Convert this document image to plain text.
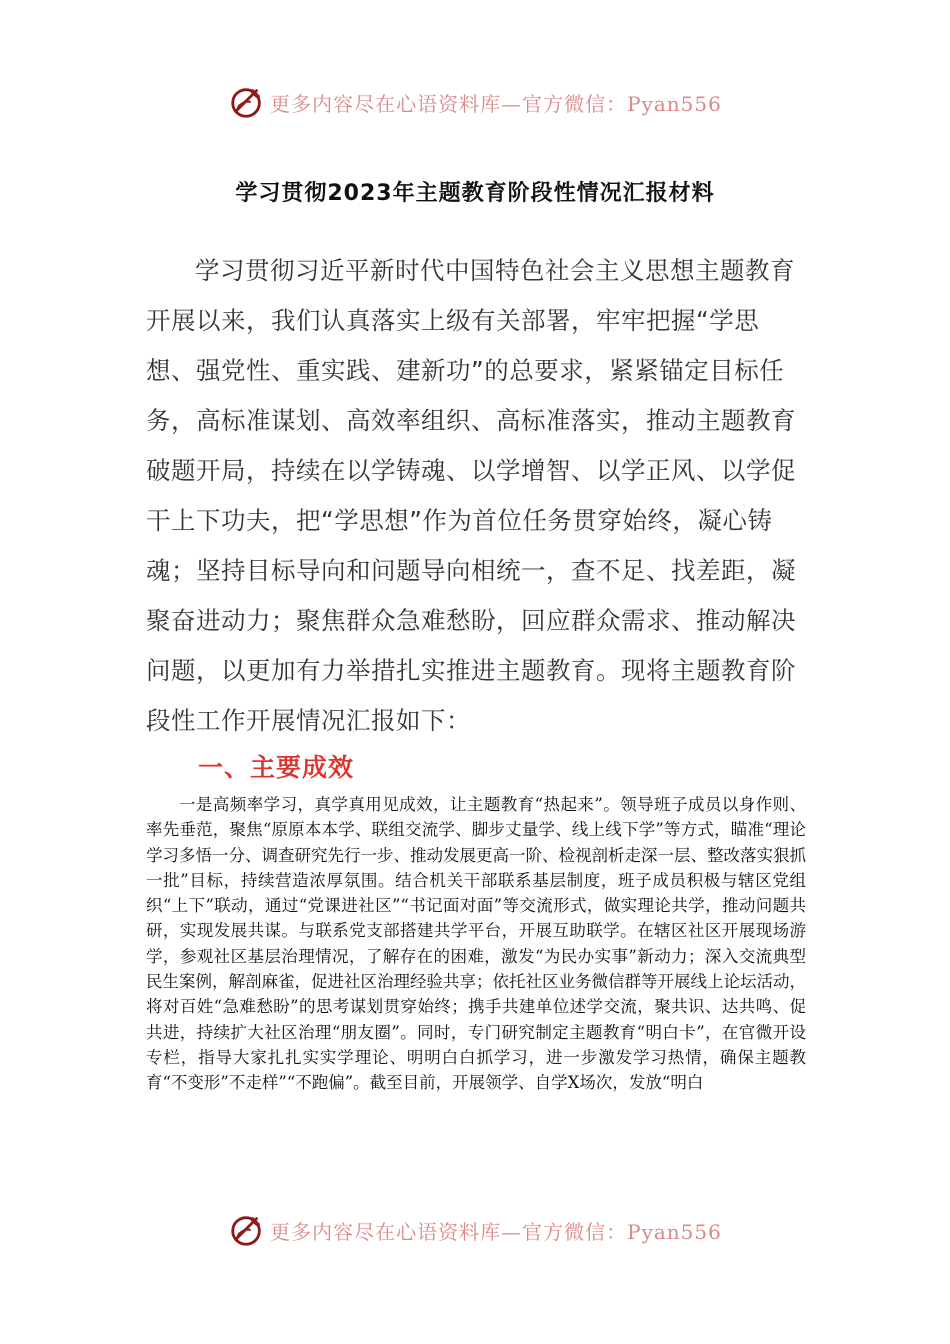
更多内容尽在心语资料库—官方微信：Pyan556
学习贯彻2023年主题教育阶段性情况汇报材料

学习贯彻习近平新时代中国特色社会主义思想主题教育开展以来，我们认真落实上级有关部署，牢牢把握“学思想、强党性、重实践、建新功”的总要求，紧紧锚定目标任务，高标准谋划、高效率组织、高标准落实，推动主题教育破题开局，持续在以学铸魂、以学增智、以学正风、以学促干上下功夫，把“学思想”作为首位任务贯穿始终，凝心铸魂；坚持目标导向和问题导向相统一，查不足、找差距，凝聚奋进动力；聚焦群众急难愁盼，回应群众需求、推动解决问题，以更加有力举措扎实推进主题教育。现将主题教育阶段性工作开展情况汇报如下：

一、主要成效

一是高频率学习，真学真用见成效，让主题教育“热起来”。领导班子成员以身作则、率先垂范，聚焦“原原本本学、联组交流学、脚步丈量学、线上线下学”等方式，瞄准“理论学习多悟一分、调查研究先行一步、推动发展更高一阶、检视剖析走深一层、整改落实狠抓一批”目标，持续营造浓厚氛围。结合机关干部联系基层制度，班子成员积极与辖区党组织“上下”联动，通过“党课进社区”“书记面对面”等交流形式，做实理论共学，推动问题共研，实现发展共谋。与联系党支部搭建共学平台，开展互助联学。在辖区社区开展现场游学，参观社区基层治理情况，了解存在的困难，激发“为民办实事”新动力；深入交流典型民生案例，解剖麻雀，促进社区治理经验共享；依托社区业务微信群等开展线上论坛活动，将对百姓“急难愁盼”的思考谋划贯穿始终；携手共建单位述学交流，聚共识、达共鸣、促共进，持续扩大社区治理“朋友圈”。同时，专门研究制定主题教育“明白卡”，在官微开设专栏，指导大家扎扎实实学理论、明明白白抓学习，进一步激发学习热情，确保主题教育“不变形”不走样”“不跑偏”。截至目前，开展领学、自学X场次，发放“明白

更多内容尽在心语资料库—官方微信：Pyan556
